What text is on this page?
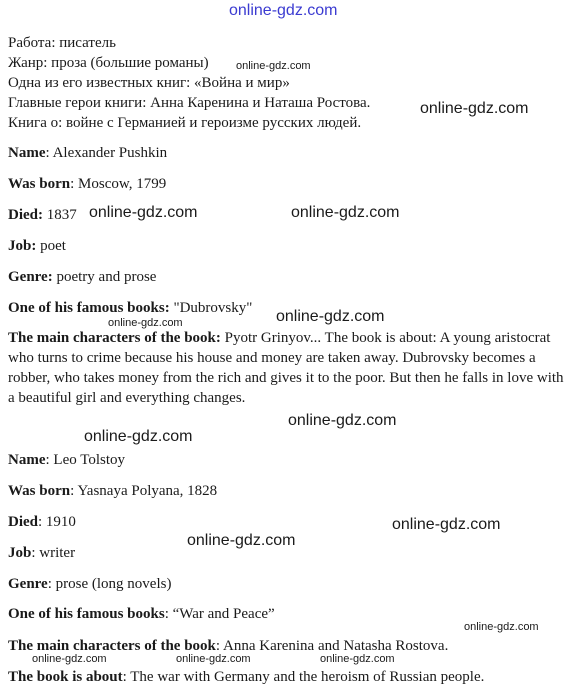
online-gdz.com
online-gdz.com
online-gdz.com
online-gdz.com	online-gdz.com
online-gdz.com
online-gdz.com
online-gdz.com
online-gdz.com
online-gdz.com
online-gdz.com
online-gdz.com
online-gdz.com	online-gdz.com	online-gdz.com
Работа: писатель
Жанр: проза (большие романы)
Одна из его известных книг: «Война и мир»
Главные герои книги: Анна Каренина и Наташа Ростова.
Книга о: войне с Германией и героизме русских людей.
Name: Alexander Pushkin
Was born: Moscow, 1799
Died: 1837
Job: poet
Genre: poetry and prose
One of his famous books: "Dubrovsky"
The main characters of the book: Pyotr Grinyov... The book is about: A young aristocrat who turns to crime because his house and money are taken away. Dubrovsky becomes a robber, who takes money from the rich and gives it to the poor. But then he falls in love with a beautiful girl and everything changes.
Name: Leo Tolstoy
Was born: Yasnaya Polyana, 1828
Died: 1910
Job: writer
Genre: prose (long novels)
One of his famous books: “War and Peace”
The main characters of the book: Anna Karenina and Natasha Rostova.
The book is about: The war with Germany and the heroism of Russian people.
